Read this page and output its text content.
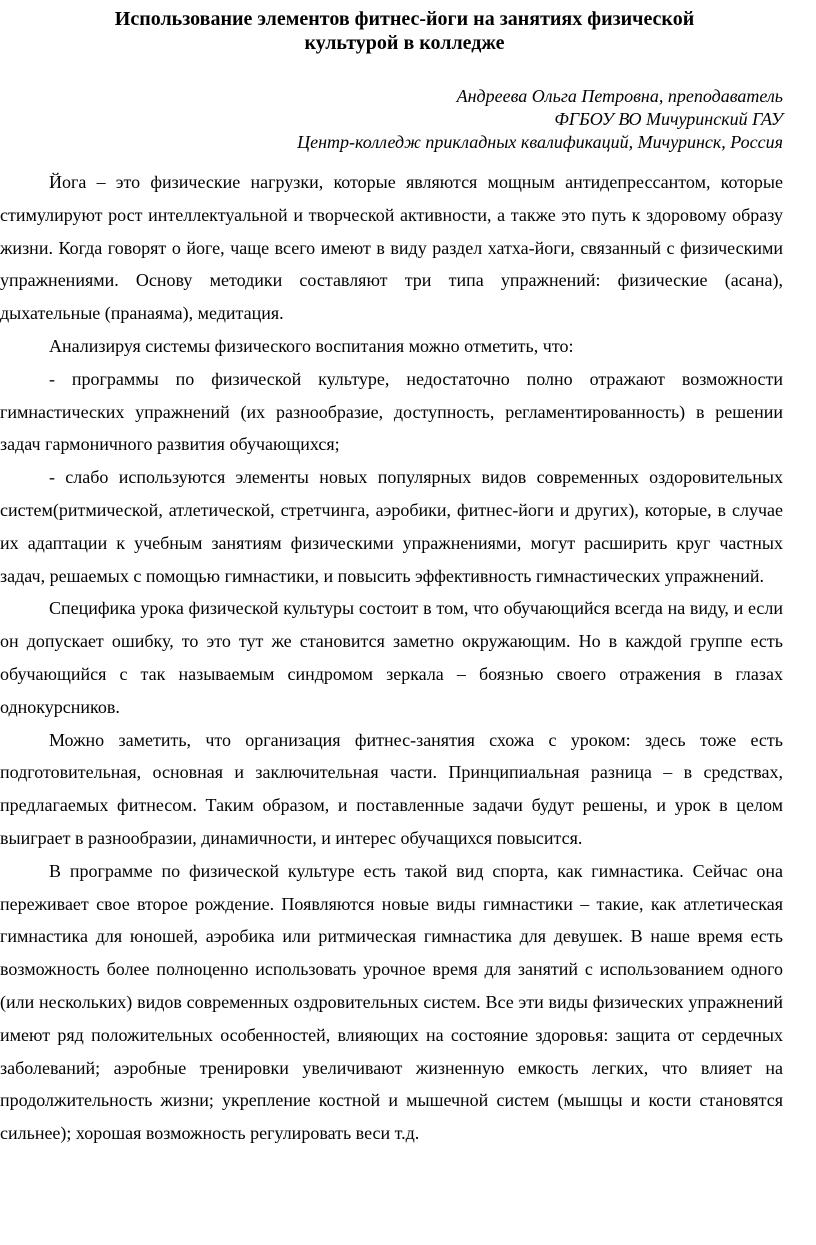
Использование элементов фитнес-йоги на занятиях физической
культурой в колледже
Андреева Ольга Петровна, преподаватель
ФГБОУ ВО Мичуринский ГАУ
Центр-колледж прикладных квалификаций, Мичуринск, Россия

Йога – это физические нагрузки, которые являются мощным антидепрессантом, которые стимулируют рост интеллектуальной и творческой активности, а также это путь к здоровому образу жизни. Когда говорят о йоге, чаще всего имеют в виду раздел хатха-йоги, связанный с физическими упражнениями. Основу методики составляют три типа упражнений: физические (асана), дыхательные (пранаяма), медитация.

Анализируя системы физического воспитания можно отметить, что:

- программы по физической культуре, недостаточно полно отражают возможности гимнастических упражнений (их разнообразие, доступность, регламентированность) в решении задач гармоничного развития обучающихся;

- слабо используются элементы новых популярных видов современных оздоровительных систем(ритмической, атлетической, стретчинга, аэробики, фитнес-йоги и других), которые, в случае их адаптации к учебным занятиям физическими упражнениями, могут расширить круг частных задач, решаемых с помощью гимнастики, и повысить эффективность гимнастических упражнений.

Специфика урока физической культуры состоит в том, что обучающийся всегда на виду, и если он допускает ошибку, то это тут же становится заметно окружающим. Но в каждой группе есть обучающийся с так называемым синдромом зеркала – боязнью своего отражения в глазах однокурсников.

Можно заметить, что организация фитнес-занятия схожа с уроком: здесь тоже есть подготовительная, основная и заключительная части. Принципиальная разница – в средствах, предлагаемых фитнесом. Таким образом, и поставленные задачи будут решены, и урок в целом выиграет в разнообразии, динамичности, и интерес обучащихся повысится.

В программе по физической культуре есть такой вид спорта, как гимнастика. Сейчас она переживает свое второе рождение. Появляются новые виды гимнастики – такие, как атлетическая гимнастика для юношей, аэробика или ритмическая гимнастика для девушек. В наше время есть возможность более полноценно использовать урочное время для занятий с использованием одного (или нескольких) видов современных оздровительных систем. Все эти виды физических упражнений имеют ряд положительных особенностей, влияющих на состояние здоровья: защита от сердечных заболеваний; аэробные тренировки увеличивают жизненную емкость легких, что влияет на продолжительность жизни; укрепление костной и мышечной систем (мышцы и кости становятся сильнее); хорошая возможность регулировать веси т.д.
